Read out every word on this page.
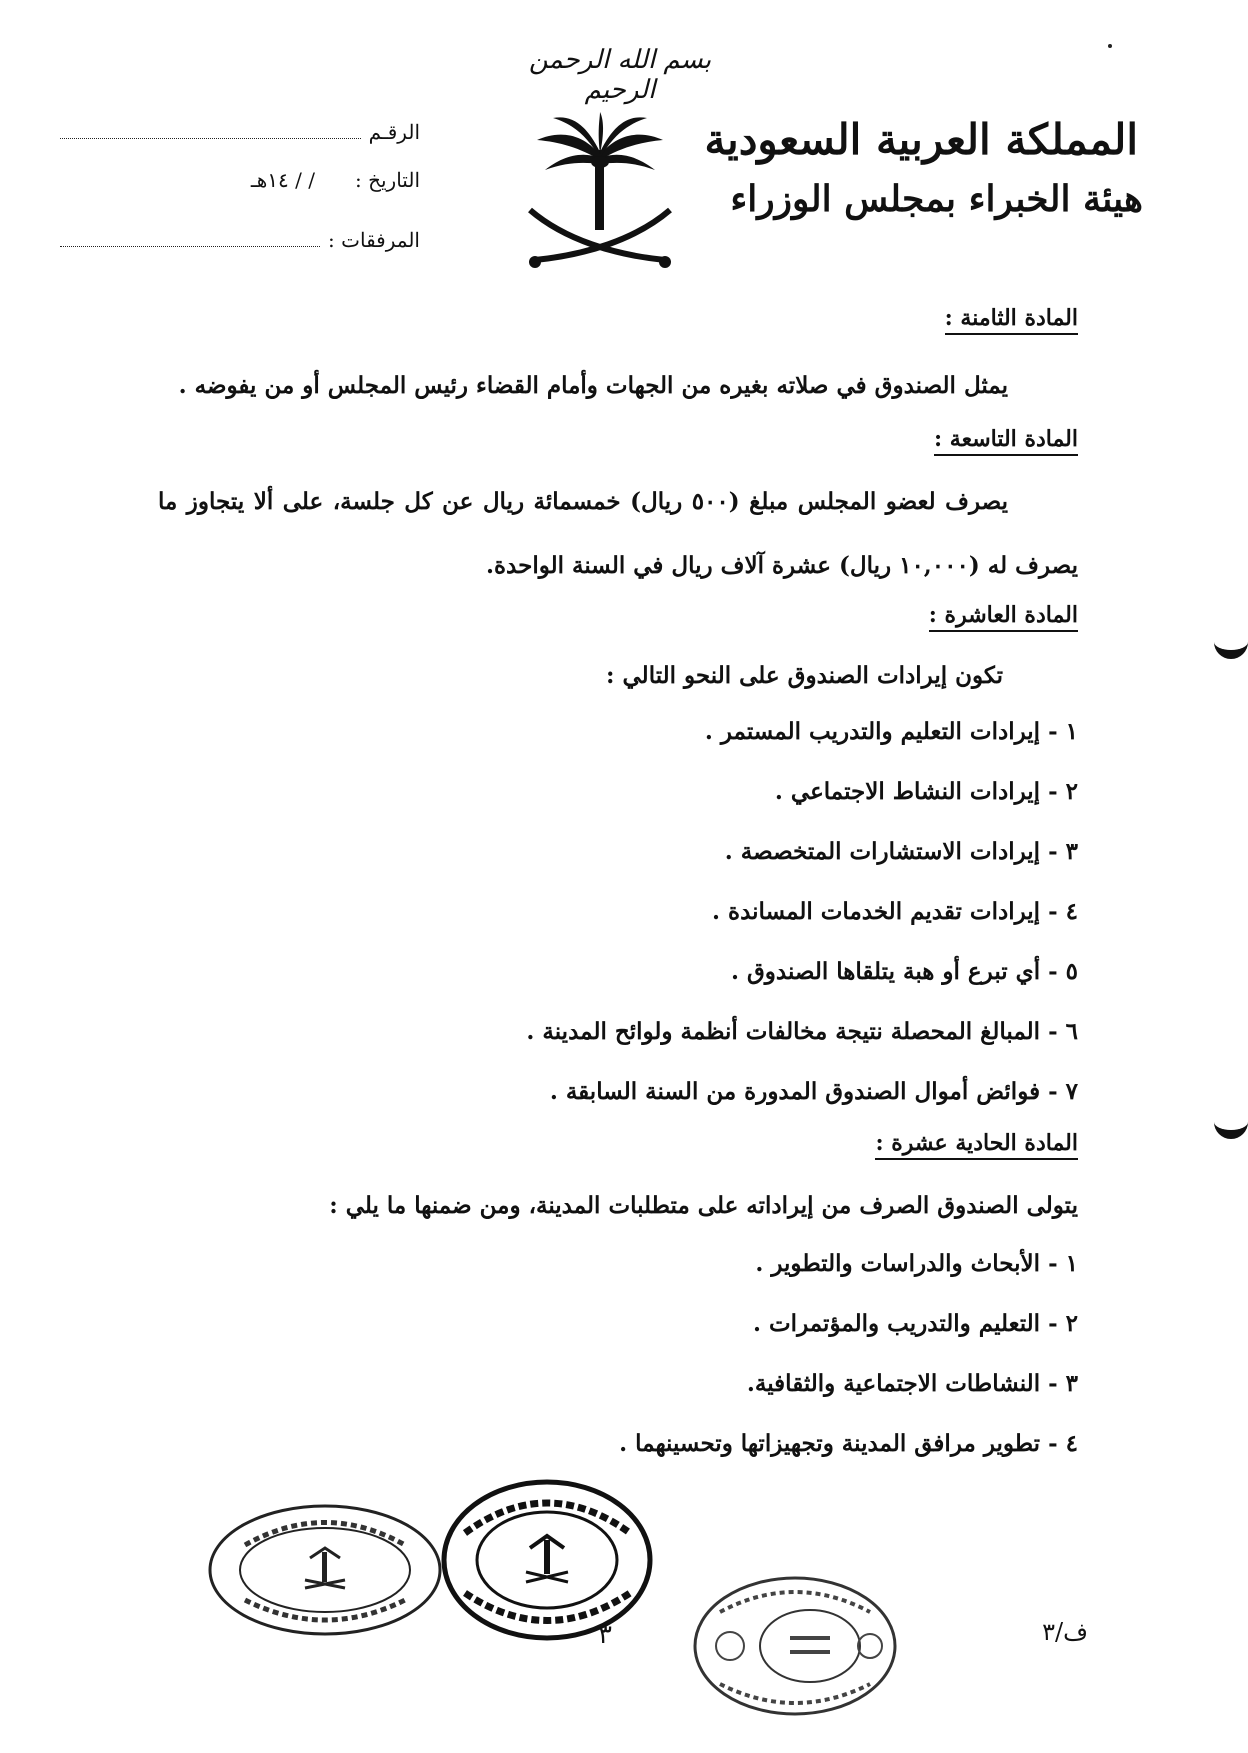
بسم الله الرحمن الرحيم
المملكة العربية السعودية
هيئة الخبراء بمجلس الوزراء
الرقـم
التاريخ :
/ / ١٤هـ
المرفقات :
المادة الثامنة :
يمثل الصندوق في صلاته بغيره من الجهات وأمام القضاء رئيس المجلس أو من يفوضه .
المادة التاسعة :
يصرف لعضو المجلس مبلغ (٥٠٠ ريال) خمسمائة ريال عن كل جلسة، على ألا يتجاوز ما يصرف له (١٠,٠٠٠ ريال) عشرة آلاف ريال في السنة الواحدة.
المادة العاشرة :
تكون إيرادات الصندوق على النحو التالي :
١ - إيرادات التعليم والتدريب المستمر .
٢ - إيرادات النشاط الاجتماعي .
٣ - إيرادات الاستشارات المتخصصة .
٤ - إيرادات تقديم الخدمات المساندة .
٥ - أي تبرع أو هبة يتلقاها الصندوق .
٦ - المبالغ المحصلة نتيجة مخالفات أنظمة ولوائح المدينة .
٧ - فوائض أموال الصندوق المدورة من السنة السابقة .
المادة الحادية عشرة :
يتولى الصندوق الصرف من إيراداته على متطلبات المدينة، ومن ضمنها ما يلي :
١ - الأبحاث والدراسات والتطوير .
٢ - التعليم والتدريب والمؤتمرات .
٣ - النشاطات الاجتماعية والثقافية.
٤ - تطوير مرافق المدينة وتجهيزاتها وتحسينهما .
٣	ف/٣
